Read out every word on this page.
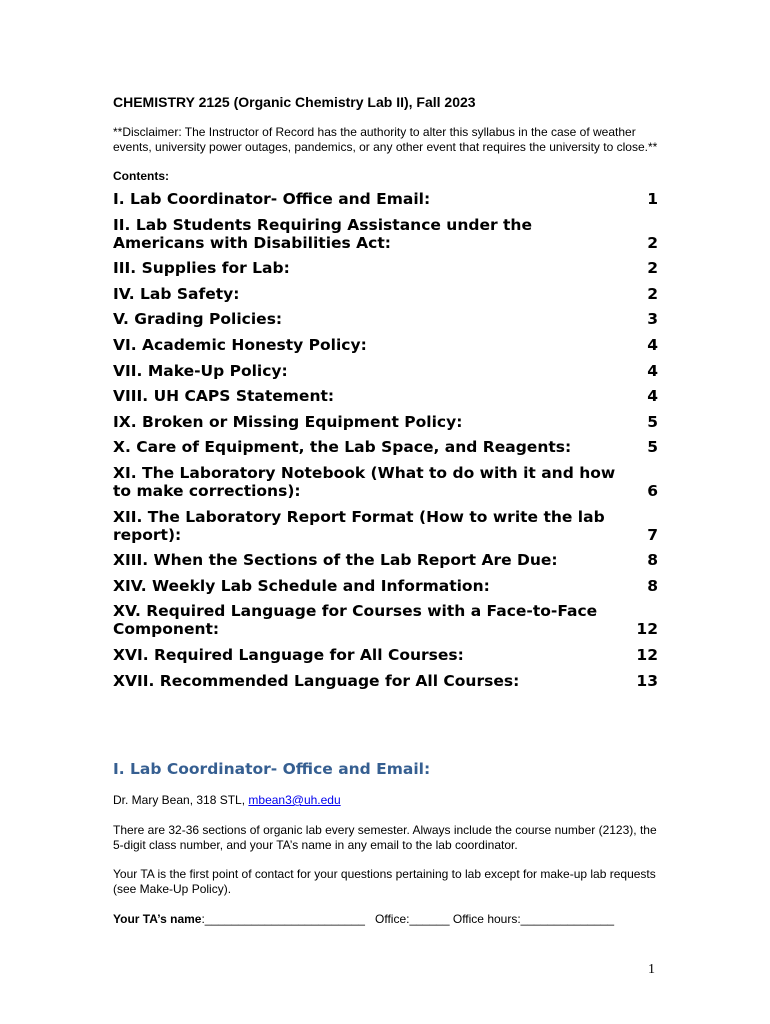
CHEMISTRY 2125 (Organic Chemistry Lab II), Fall 2023

**Disclaimer: The Instructor of Record has the authority to alter this syllabus in the case of weather events, university power outages, pandemics, or any other event that requires the university to close.**

Contents:

I. Lab Coordinator- Office and Email:	1
II. Lab Students Requiring Assistance under the Americans with Disabilities Act:	2
III. Supplies for Lab:	2
IV. Lab Safety:	2
V. Grading Policies:	3
VI. Academic Honesty Policy:	4
VII. Make-Up Policy:	4
VIII. UH CAPS Statement:	4
IX. Broken or Missing Equipment Policy:	5
X. Care of Equipment, the Lab Space, and Reagents:	5
XI. The Laboratory Notebook (What to do with it and how to make corrections):	6
XII. The Laboratory Report Format (How to write the lab report):	7
XIII. When the Sections of the Lab Report Are Due:	8
XIV. Weekly Lab Schedule and Information:	8
XV. Required Language for Courses with a Face-to-Face Component:	12
XVI. Required Language for All Courses:	12
XVII. Recommended Language for All Courses:	13
I. Lab Coordinator- Office and Email:
Dr. Mary Bean, 318 STL, mbean3@uh.edu
There are 32-36 sections of organic lab every semester. Always include the course number (2123), the 5-digit class number, and your TA’s name in any email to the lab coordinator.
Your TA is the first point of contact for your questions pertaining to lab except for make-up lab requests (see Make-Up Policy).
Your TA’s name:________________________ Office:______ Office hours:______________
1
